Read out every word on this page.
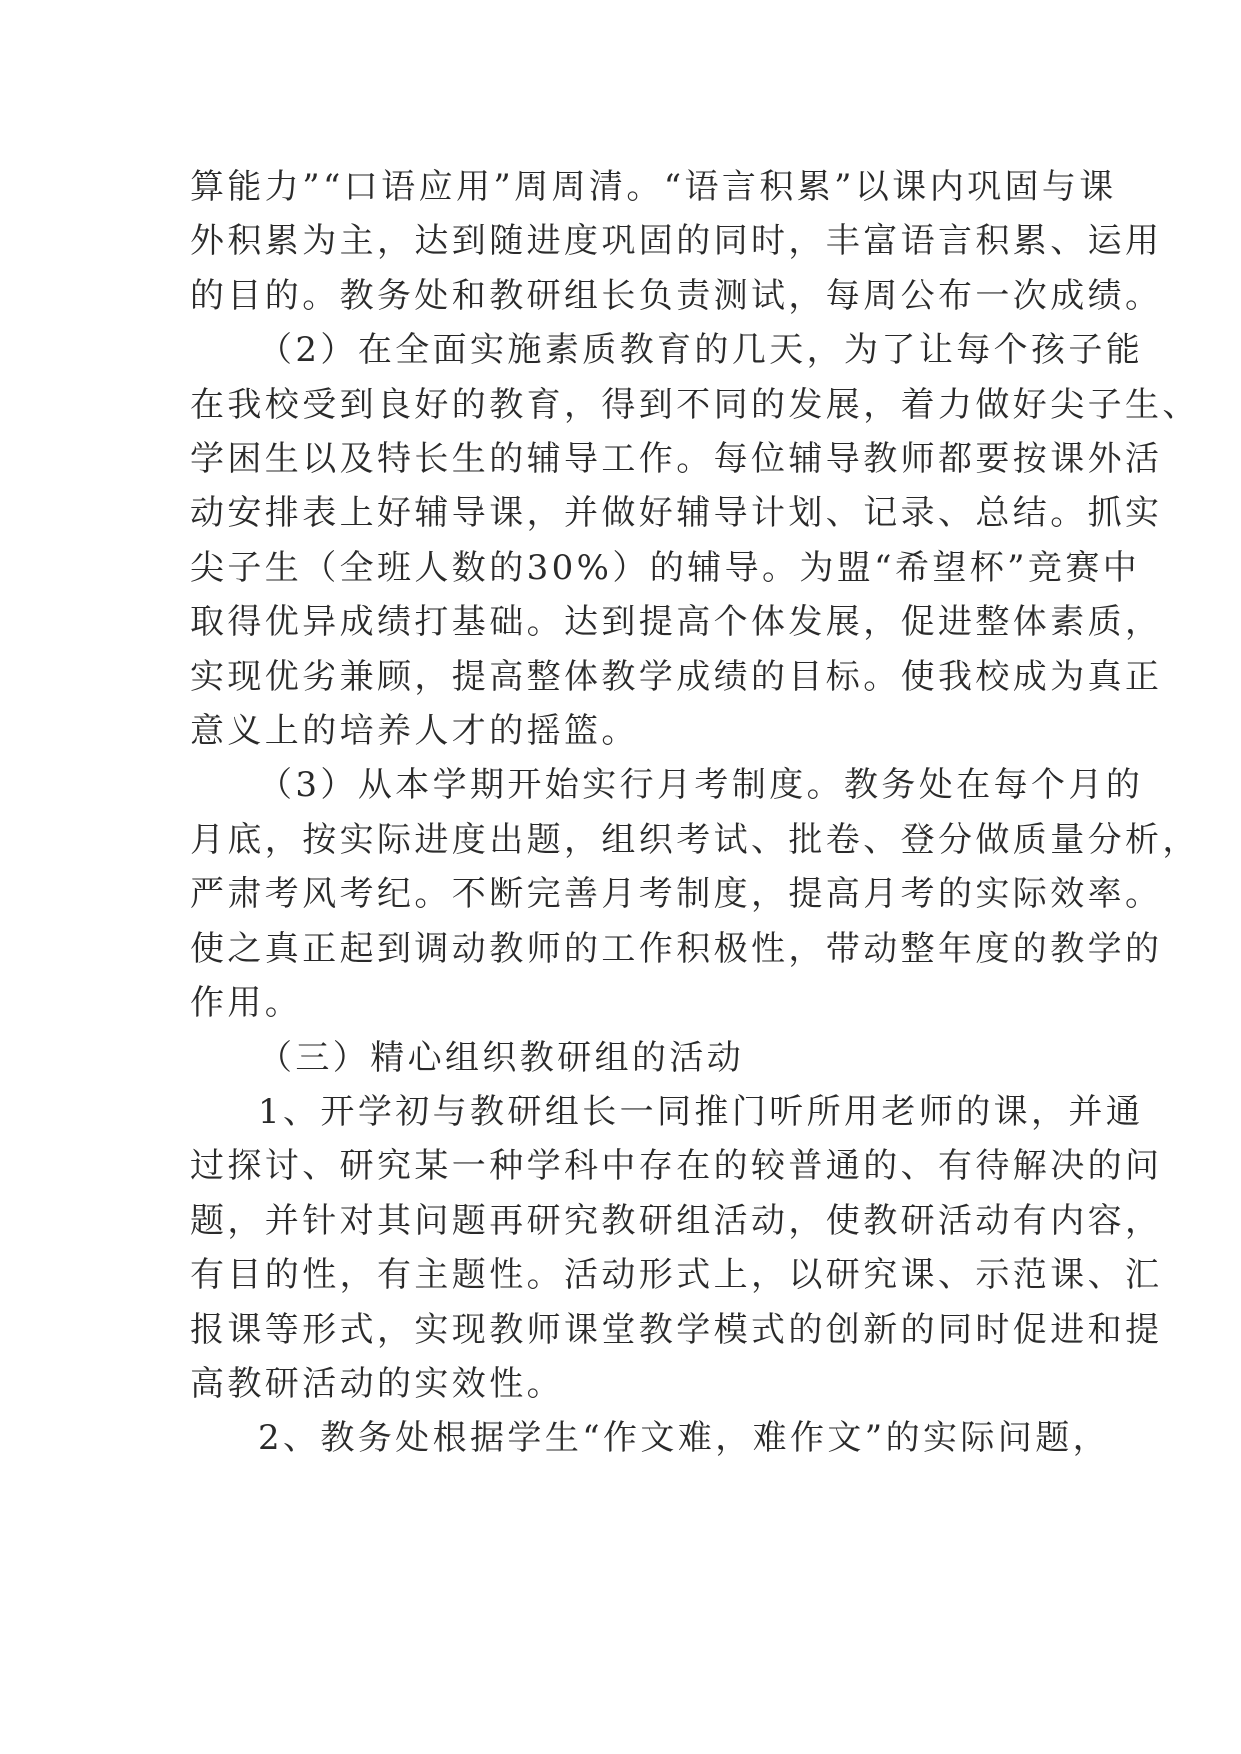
算能力”“口语应用”周周清。“语言积累”以课内巩固与课
外积累为主，达到随进度巩固的同时，丰富语言积累、运用
的目的。教务处和教研组长负责测试，每周公布一次成绩。

（2）在全面实施素质教育的几天，为了让每个孩子能
在我校受到良好的教育，得到不同的发展，着力做好尖子生、
学困生以及特长生的辅导工作。每位辅导教师都要按课外活
动安排表上好辅导课，并做好辅导计划、记录、总结。抓实
尖子生（全班人数的30%）的辅导。为盟“希望杯”竞赛中
取得优异成绩打基础。达到提高个体发展，促进整体素质，
实现优劣兼顾，提高整体教学成绩的目标。使我校成为真正
意义上的培养人才的摇篮。

（3）从本学期开始实行月考制度。教务处在每个月的
月底，按实际进度出题，组织考试、批卷、登分做质量分析，
严肃考风考纪。不断完善月考制度，提高月考的实际效率。
使之真正起到调动教师的工作积极性，带动整年度的教学的
作用。

（三）精心组织教研组的活动

1、开学初与教研组长一同推门听所用老师的课，并通
过探讨、研究某一种学科中存在的较普通的、有待解决的问
题，并针对其问题再研究教研组活动，使教研活动有内容，
有目的性，有主题性。活动形式上，以研究课、示范课、汇
报课等形式，实现教师课堂教学模式的创新的同时促进和提
高教研活动的实效性。

2、教务处根据学生“作文难，难作文”的实际问题，
